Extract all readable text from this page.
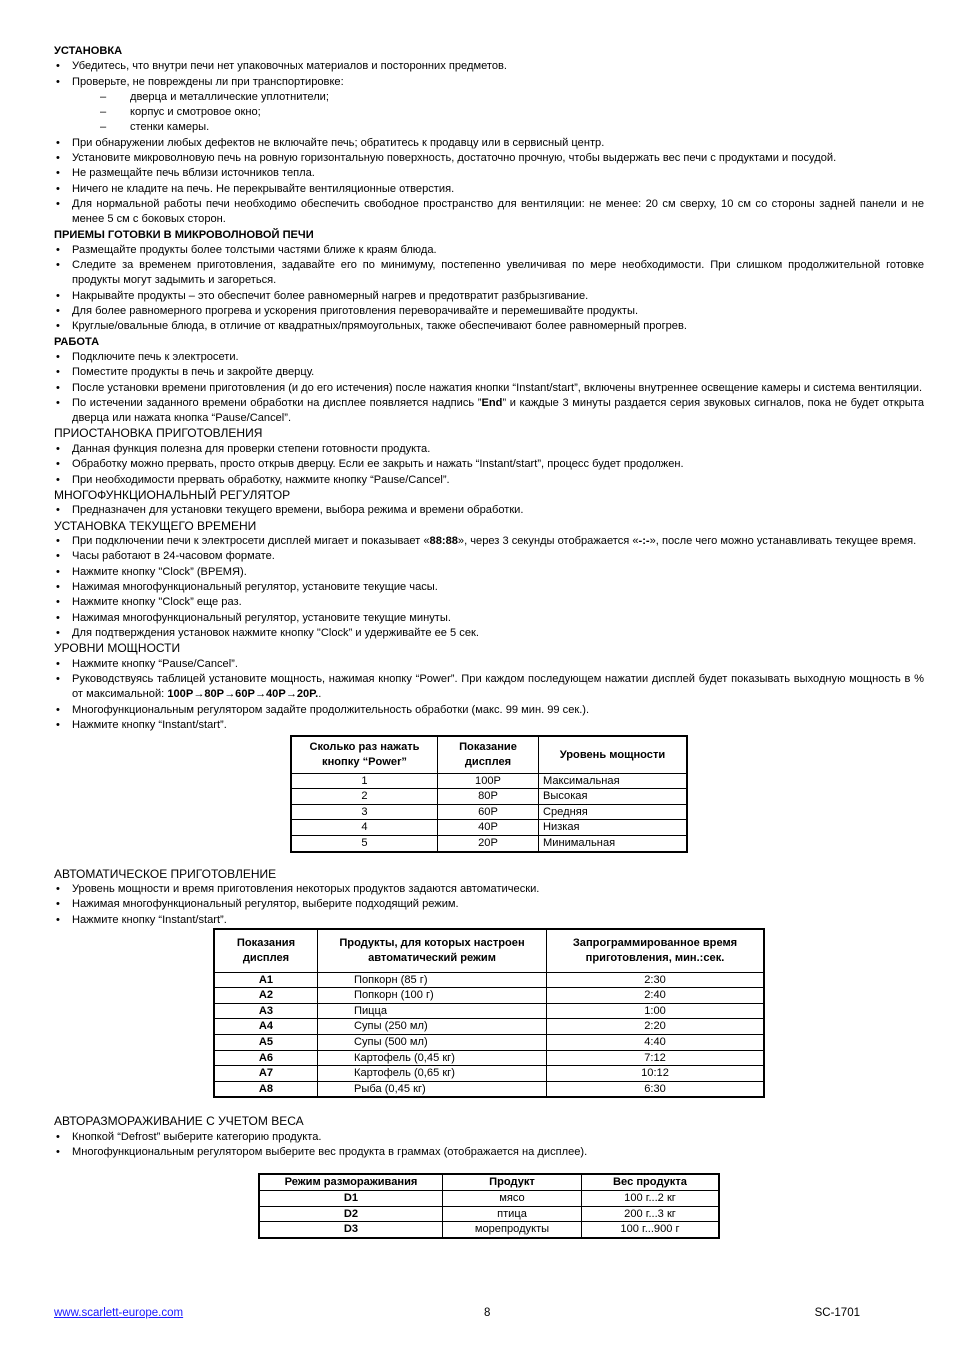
УСТАНОВКА
• Убедитесь, что внутри печи нет упаковочных материалов и посторонних предметов.
• Проверьте, не повреждены ли при транспортировке:
– дверца и металлические уплотнители;
– корпус и смотровое окно;
– стенки камеры.
• При обнаружении любых дефектов не включайте печь; обратитесь к продавцу или в сервисный центр.
• Установите микроволновую печь на ровную горизонтальную поверхность, достаточно прочную, чтобы выдержать вес печи с продуктами и посудой.
• Не размещайте печь вблизи источников тепла.
• Ничего не кладите на печь. Не перекрывайте вентиляционные отверстия.
• Для нормальной работы печи необходимо обеспечить свободное пространство для вентиляции: не менее: 20 см сверху, 10 см со стороны задней панели и не менее 5 см с боковых сторон.
ПРИЕМЫ ГОТОВКИ В МИКРОВОЛНОВОЙ ПЕЧИ
• Размещайте продукты более толстыми частями ближе к краям блюда.
• Следите за временем приготовления, задавайте его по минимуму, постепенно увеличивая по мере необходимости. При слишком продолжительной готовке продукты могут задымить и загореться.
• Накрывайте продукты – это обеспечит более равномерный нагрев и предотвратит разбрызгивание.
• Для более равномерного прогрева и ускорения приготовления переворачивайте и перемешивайте продукты.
• Круглые/овальные блюда, в отличие от квадратных/прямоугольных, также обеспечивают более равномерный прогрев.
РАБОТА
• Подключите печь к электросети.
• Поместите продукты в печь и закройте дверцу.
• После установки времени приготовления (и до его истечения) после нажатия кнопки “Instant/start”, включены внутреннее освещение камеры и система вентиляции.
• По истечении заданного времени обработки на дисплее появляется надпись ”End” и каждые 3 минуты раздается серия звуковых сигналов, пока не будет открыта дверца или нажата кнопка “Pause/Cancel”.
ПРИОСТАНОВКА ПРИГОТОВЛЕНИЯ
• Данная функция полезна для проверки степени готовности продукта.
• Обработку можно прервать, просто открыв дверцу. Если ее закрыть и нажать “Instant/start”, процесс будет продолжен.
• При необходимости прервать обработку, нажмите кнопку “Pause/Cancel”.
МНОГОФУНКЦИОНАЛЬНЫЙ РЕГУЛЯТОР
• Предназначен для установки текущего времени, выбора режима и времени обработки.
УСТАНОВКА ТЕКУЩЕГО ВРЕМЕНИ
• При подключении печи к электросети дисплей мигает и показывает «88:88», через 3 секунды отображается «-:-», после чего можно устанавливать текущее время.
• Часы работают в 24-часовом формате.
• Нажмите кнопку "Clock” (ВРЕМЯ).
• Нажимая многофункциональный регулятор, установите текущие часы.
• Нажмите кнопку "Clock” еще раз.
• Нажимая многофункциональный регулятор, установите текущие минуты.
• Для подтверждения установок нажмите кнопку "Clock” и удерживайте ее 5 сек.
УРОВНИ МОЩНОСТИ
• Нажмите кнопку “Pause/Cancel”.
• Руководствуясь таблицей установите мощность, нажимая кнопку “Power”. При каждом последующем нажатии дисплей будет показывать выходную мощность в % от максимальной: 100P→80P→60P→40P→20P..
• Многофункциональным регулятором задайте продолжительность обработки (макс. 99 мин. 99 сек.).
• Нажмите кнопку “Instant/start”.
Сколько раз нажать кнопку “Power”	Показание дисплея	Уровень мощности
1	100P	Максимальная
2	80P	Высокая
3	60P	Средняя
4	40P	Низкая
5	20P	Минимальная
АВТОМАТИЧЕСКОЕ ПРИГОТОВЛЕНИЕ
• Уровень мощности и время приготовления некоторых продуктов задаются автоматически.
• Нажимая многофункциональный регулятор, выберите подходящий режим.
• Нажмите кнопку “Instant/start”.
Показания дисплея	Продукты, для которых настроен автоматический режим	Запрограммированное время приготовления, мин.:сек.
A1	Попкорн (85 г)	2:30
A2	Попкорн (100 г)	2:40
A3	Пицца	1:00
A4	Супы (250 мл)	2:20
A5	Супы (500 мл)	4:40
A6	Картофель (0,45 кг)	7:12
A7	Картофель (0,65 кг)	10:12
A8	Рыба (0,45 кг)	6:30
АВТОРАЗМОРАЖИВАНИЕ С УЧЕТОМ ВЕСА
• Кнопкой “Defrost” выберите категорию продукта.
• Многофункциональным регулятором выберите вес продукта в граммах (отображается на дисплее).
Режим размораживания	Продукт	Вес продукта
D1	мясо	100 г...2 кг
D2	птица	200 г...3 кг
D3	морепродукты	100 г...900 г
www.scarlett-europe.com	8	SC-1701
